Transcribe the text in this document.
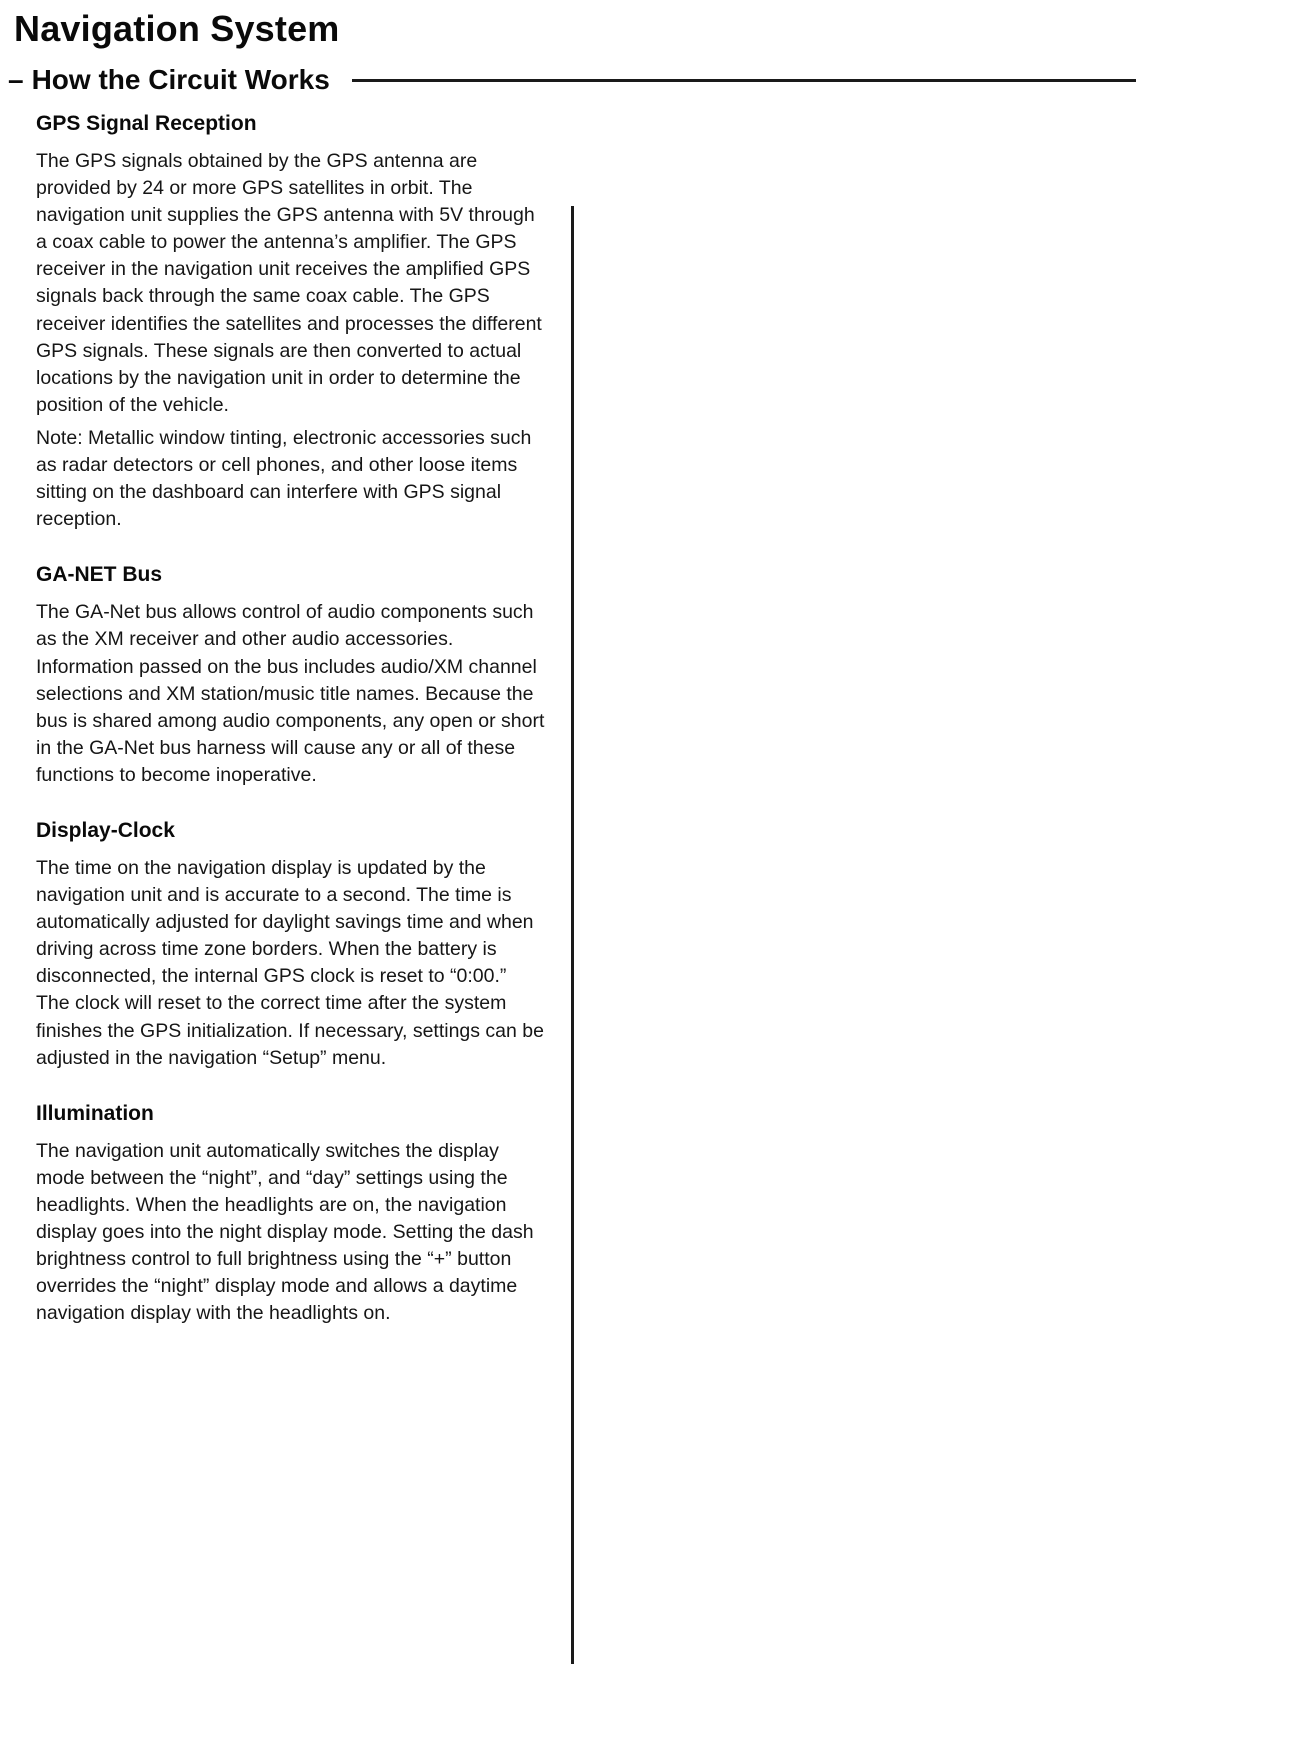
Navigation System
– How the Circuit Works
GPS Signal Reception

The GPS signals obtained by the GPS antenna are provided by 24 or more GPS satellites in orbit. The navigation unit supplies the GPS antenna with 5V through a coax cable to power the antenna’s amplifier. The GPS receiver in the navigation unit receives the amplified GPS signals back through the same coax cable. The GPS receiver identifies the satellites and processes the different GPS signals. These signals are then converted to actual locations by the navigation unit in order to determine the position of the vehicle.

Note: Metallic window tinting, electronic accessories such as radar detectors or cell phones, and other loose items sitting on the dashboard can interfere with GPS signal reception.

GA-NET Bus

The GA-Net bus allows control of audio components such as the XM receiver and other audio accessories. Information passed on the bus includes audio/XM channel selections and XM station/music title names. Because the bus is shared among audio components, any open or short in the GA-Net bus harness will cause any or all of these functions to become inoperative.

Display-Clock

The time on the navigation display is updated by the navigation unit and is accurate to a second. The time is automatically adjusted for daylight savings time and when driving across time zone borders. When the battery is disconnected, the internal GPS clock is reset to “0:00.” The clock will reset to the correct time after the system finishes the GPS initialization. If necessary, settings can be adjusted in the navigation “Setup” menu.

Illumination

The navigation unit automatically switches the display mode between the “night”, and “day” settings using the headlights. When the headlights are on, the navigation display goes into the night display mode. Setting the dash brightness control to full brightness using the “+” button overrides the “night” display mode and allows a daytime navigation display with the headlights on.
